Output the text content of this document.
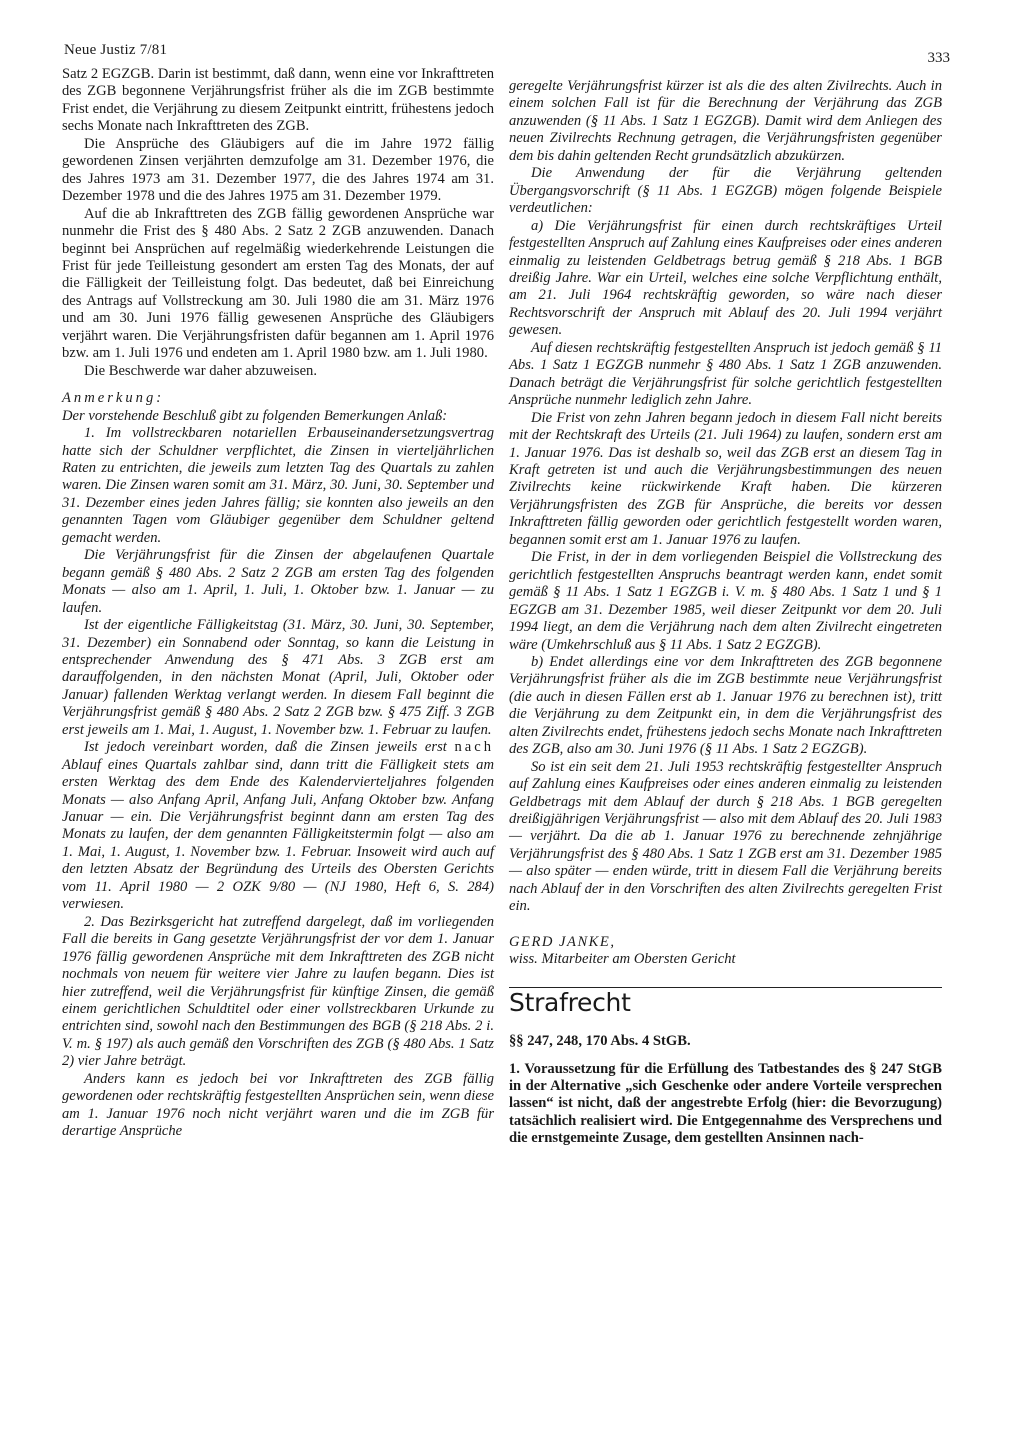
Neue Justiz 7/81	333

Satz 2 EGZGB. Darin ist bestimmt, daß dann, wenn eine vor Inkrafttreten des ZGB begonnene Verjährungsfrist früher als die im ZGB bestimmte Frist endet, die Verjährung zu diesem Zeitpunkt eintritt, frühestens jedoch sechs Monate nach Inkrafttreten des ZGB.

Die Ansprüche des Gläubigers auf die im Jahre 1972 fällig gewordenen Zinsen verjährten demzufolge am 31. Dezember 1976, die des Jahres 1973 am 31. Dezember 1977, die des Jahres 1974 am 31. Dezember 1978 und die des Jahres 1975 am 31. Dezember 1979.

Auf die ab Inkrafttreten des ZGB fällig gewordenen Ansprüche war nunmehr die Frist des § 480 Abs. 2 Satz 2 ZGB anzuwenden. Danach beginnt bei Ansprüchen auf regelmäßig wiederkehrende Leistungen die Frist für jede Teilleistung gesondert am ersten Tag des Monats, der auf die Fälligkeit der Teilleistung folgt. Das bedeutet, daß bei Einreichung des Antrags auf Vollstreckung am 30. Juli 1980 die am 31. März 1976 und am 30. Juni 1976 fällig gewesenen Ansprüche des Gläubigers verjährt waren. Die Verjährungsfristen dafür begannen am 1. April 1976 bzw. am 1. Juli 1976 und endeten am 1. April 1980 bzw. am 1. Juli 1980.

Die Beschwerde war daher abzuweisen.

Anmerkung:

Der vorstehende Beschluß gibt zu folgenden Bemerkungen Anlaß:

1. Im vollstreckbaren notariellen Erbauseinandersetzungsvertrag hatte sich der Schuldner verpflichtet, die Zinsen in vierteljährlichen Raten zu entrichten, die jeweils zum letzten Tag des Quartals zu zahlen waren. Die Zinsen waren somit am 31. März, 30. Juni, 30. September und 31. Dezember eines jeden Jahres fällig; sie konnten also jeweils an den genannten Tagen vom Gläubiger gegenüber dem Schuldner geltend gemacht werden.

Die Verjährungsfrist für die Zinsen der abgelaufenen Quartale begann gemäß § 480 Abs. 2 Satz 2 ZGB am ersten Tag des folgenden Monats — also am 1. April, 1. Juli, 1. Oktober bzw. 1. Januar — zu laufen.

Ist der eigentliche Fälligkeitstag (31. März, 30. Juni, 30. September, 31. Dezember) ein Sonnabend oder Sonntag, so kann die Leistung in entsprechender Anwendung des § 471 Abs. 3 ZGB erst am darauffolgenden, in den nächsten Monat (April, Juli, Oktober oder Januar) fallenden Werktag verlangt werden. In diesem Fall beginnt die Verjährungsfrist gemäß § 480 Abs. 2 Satz 2 ZGB bzw. § 475 Ziff. 3 ZGB erst jeweils am 1. Mai, 1. August, 1. November bzw. 1. Februar zu laufen.

Ist jedoch vereinbart worden, daß die Zinsen jeweils erst nach Ablauf eines Quartals zahlbar sind, dann tritt die Fälligkeit stets am ersten Werktag des dem Ende des Kalendervierteljahres folgenden Monats — also Anfang April, Anfang Juli, Anfang Oktober bzw. Anfang Januar — ein. Die Verjährungsfrist beginnt dann am ersten Tag des Monats zu laufen, der dem genannten Fälligkeitstermin folgt — also am 1. Mai, 1. August, 1. November bzw. 1. Februar. Insoweit wird auch auf den letzten Absatz der Begründung des Urteils des Obersten Gerichts vom 11. April 1980 — 2 OZK 9/80 — (NJ 1980, Heft 6, S. 284) verwiesen.

2. Das Bezirksgericht hat zutreffend dargelegt, daß im vorliegenden Fall die bereits in Gang gesetzte Verjährungsfrist der vor dem 1. Januar 1976 fällig gewordenen Ansprüche mit dem Inkrafttreten des ZGB nicht nochmals von neuem für weitere vier Jahre zu laufen begann. Dies ist hier zutreffend, weil die Verjährungsfrist für künftige Zinsen, die gemäß einem gerichtlichen Schuldtitel oder einer vollstreckbaren Urkunde zu entrichten sind, sowohl nach den Bestimmungen des BGB (§ 218 Abs. 2 i. V. m. § 197) als auch gemäß den Vorschriften des ZGB (§ 480 Abs. 1 Satz 2) vier Jahre beträgt.

Anders kann es jedoch bei vor Inkrafttreten des ZGB fällig gewordenen oder rechtskräftig festgestellten Ansprüchen sein, wenn diese am 1. Januar 1976 noch nicht verjährt waren und die im ZGB für derartige Ansprüche

geregelte Verjährungsfrist kürzer ist als die des alten Zivilrechts. Auch in einem solchen Fall ist für die Berechnung der Verjährung das ZGB anzuwenden (§ 11 Abs. 1 Satz 1 EGZGB). Damit wird dem Anliegen des neuen Zivilrechts Rechnung getragen, die Verjährungsfristen gegenüber dem bis dahin geltenden Recht grundsätzlich abzukürzen.

Die Anwendung der für die Verjährung geltenden Übergangsvorschrift (§ 11 Abs. 1 EGZGB) mögen folgende Beispiele verdeutlichen:

a) Die Verjährungsfrist für einen durch rechtskräftiges Urteil festgestellten Anspruch auf Zahlung eines Kaufpreises oder eines anderen einmalig zu leistenden Geldbetrags betrug gemäß § 218 Abs. 1 BGB dreißig Jahre. War ein Urteil, welches eine solche Verpflichtung enthält, am 21. Juli 1964 rechtskräftig geworden, so wäre nach dieser Rechtsvorschrift der Anspruch mit Ablauf des 20. Juli 1994 verjährt gewesen.

Auf diesen rechtskräftig festgestellten Anspruch ist jedoch gemäß § 11 Abs. 1 Satz 1 EGZGB nunmehr § 480 Abs. 1 Satz 1 ZGB anzuwenden. Danach beträgt die Verjährungsfrist für solche gerichtlich festgestellten Ansprüche nunmehr lediglich zehn Jahre.

Die Frist von zehn Jahren begann jedoch in diesem Fall nicht bereits mit der Rechtskraft des Urteils (21. Juli 1964) zu laufen, sondern erst am 1. Januar 1976. Das ist deshalb so, weil das ZGB erst an diesem Tag in Kraft getreten ist und auch die Verjährungsbestimmungen des neuen Zivilrechts keine rückwirkende Kraft haben. Die kürzeren Verjährungsfristen des ZGB für Ansprüche, die bereits vor dessen Inkrafttreten fällig geworden oder gerichtlich festgestellt worden waren, begannen somit erst am 1. Januar 1976 zu laufen.

Die Frist, in der in dem vorliegenden Beispiel die Vollstreckung des gerichtlich festgestellten Anspruchs beantragt werden kann, endet somit gemäß § 11 Abs. 1 Satz 1 EGZGB i. V. m. § 480 Abs. 1 Satz 1 und § 1 EGZGB am 31. Dezember 1985, weil dieser Zeitpunkt vor dem 20. Juli 1994 liegt, an dem die Verjährung nach dem alten Zivilrecht eingetreten wäre (Umkehrschluß aus § 11 Abs. 1 Satz 2 EGZGB).

b) Endet allerdings eine vor dem Inkrafttreten des ZGB begonnene Verjährungsfrist früher als die im ZGB bestimmte neue Verjährungsfrist (die auch in diesen Fällen erst ab 1. Januar 1976 zu berechnen ist), tritt die Verjährung zu dem Zeitpunkt ein, in dem die Verjährungsfrist des alten Zivilrechts endet, frühestens jedoch sechs Monate nach Inkrafttreten des ZGB, also am 30. Juni 1976 (§ 11 Abs. 1 Satz 2 EGZGB).

So ist ein seit dem 21. Juli 1953 rechtskräftig festgestellter Anspruch auf Zahlung eines Kaufpreises oder eines anderen einmalig zu leistenden Geldbetrags mit dem Ablauf der durch § 218 Abs. 1 BGB geregelten dreißigjährigen Verjährungsfrist — also mit dem Ablauf des 20. Juli 1983 — verjährt. Da die ab 1. Januar 1976 zu berechnende zehnjährige Verjährungsfrist des § 480 Abs. 1 Satz 1 ZGB erst am 31. Dezember 1985 — also später — enden würde, tritt in diesem Fall die Verjährung bereits nach Ablauf der in den Vorschriften des alten Zivilrechts geregelten Frist ein.

GERD JANKE,

wiss. Mitarbeiter am Obersten Gericht

Strafrecht

§§ 247, 248, 170 Abs. 4 StGB.

1. Voraussetzung für die Erfüllung des Tatbestandes des § 247 StGB in der Alternative „sich Geschenke oder andere Vorteile versprechen lassen“ ist nicht, daß der angestrebte Erfolg (hier: die Bevorzugung) tatsächlich realisiert wird. Die Entgegennahme des Versprechens und die ernstgemeinte Zusage, dem gestellten Ansinnen nach-
